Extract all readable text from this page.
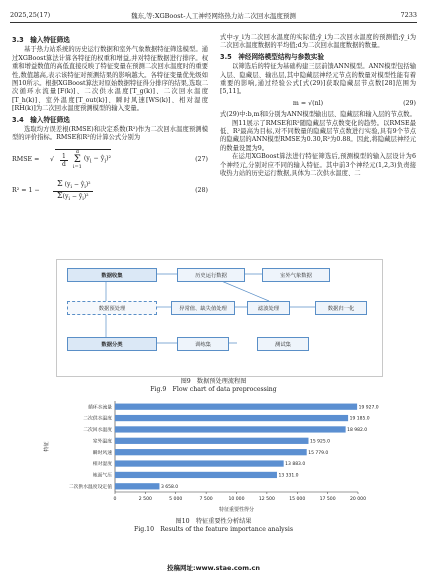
2025,25(17)	魏东,等:XGBoost-人工神经网络热力站二次回水温度预测	7233
3.3　输入特征筛选

基于热力站系统的历史运行数据和室外气象数据特征筛选模型。通过XGBoost算法计算各特征的权重和增益,并对特征数据进行排序。权重和增益数值的高低直接反映了特征变量在预测二次回水温度时的重要性,数值越高,表示该特征对预测结果的影响越大。各特征变量优先级如图10所示。根据XGBoost算法对原始数据特征得分排序的结果,选取二次循环水流量[F(k)]、二次供水温度[T_g(k)]、二次回水温度[T_h(k)]、室外温度[T_out(k)]、瞬时风速[WS(k)]、相对湿度[RH(k)]为二次回水温度预测模型的输入变量。

3.4　输入特征筛选

选取均方误差根(RMSE)和决定系数(R²)作为二次回水温度预测模型的评价指标。RMSE和R²的计算公式分别为

RMSE =	√ $\frac{1}{d}$
d
Σ
i=1
($y_i$ − $ŷ_i)^2$	(27)
R² = 1 −	$\frac{\Sigma (y_i - ŷ_i)^2}{\Sigma(y_i - ȳ_i)^2}$	(28)

式中:y_i为二次回水温度的实际值;ŷ_i为二次回水温度的预测值;ȳ_i为二次回水温度数据的平均值;d为二次回水温度数据的数量。

3.5　神经网络模型结构与参数实验

以筛选后的特征为基础构建三层前馈ANN模型。ANN模型包括输入层、隐藏层、输出层,其中隐藏层神经元节点的数量对模型性能有着重要的影响,通过经验公式[式(29)]获取隐藏层节点数[28]范围为[5,11]。

m = √(nl)	(29)

式(29)中:b,m和l分别为ANN模型输出层、隐藏层和输入层的节点数。

图11展示了RMSE和R²随隐藏层节点数变化的趋势。以RMSE最低、R²最高为目标,对不同数量的隐藏层节点数进行实验,具有9个节点的隐藏层的ANN模型RMSE为0.30,R²为0.88。因此,将隐藏层神经元的数量设置为9。

在运用XGBoost算法进行特征筛选后,预测模型的输入层设计为6个神经元,分别对应不同的输入特征。其中前3个神经元(1,2,3)负责接收热力站的历史运行数据,具体为二次供水温度、二

数据收集	历史运行数据	室外气象数据
数据预处理	异常值、缺失值处理	滤波处理	数据归一化
数据分类	训练集	测试集
图9　数据预处理流程图
Fig.9　Flow chart of data preprocessing
0	2 500	5 000	7 500	10 000	12 500	15 000	17 500	20 000
循环水流量	19 927.0
二次供水温度	19 185.0
二次回水温度	18 982.0
室外温度	15 925.0
瞬时风速	15 779.0
相对湿度	13 883.0
地面气压	13 331.0
二次供水温度设定值	3 658.0
特征重要性得分
特征
图10　特征重要性分析结果
Fig.10　Results of the feature importance analysis
投稿网址:www.stae.com.cn
